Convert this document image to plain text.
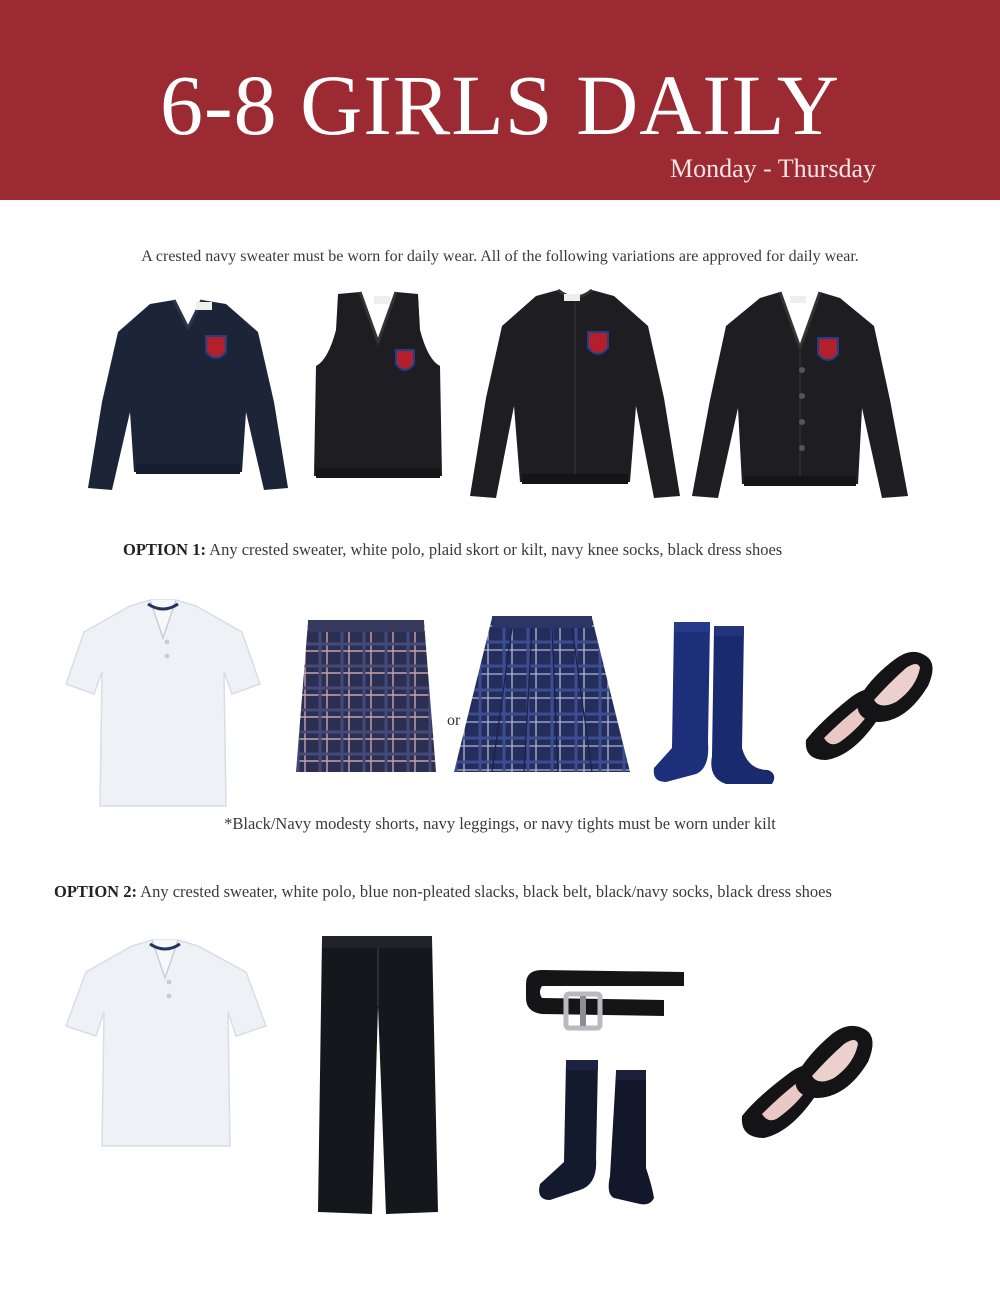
6-8 GIRLS DAILY
Monday - Thursday
A crested navy sweater must be worn for daily wear. All of the following variations are approved for daily wear.
OPTION 1: Any crested sweater, white polo, plaid skort or kilt, navy knee socks, black dress shoes
or
*Black/Navy modesty shorts, navy leggings, or navy tights must be worn under kilt
OPTION 2: Any crested sweater, white polo, blue non-pleated slacks, black belt, black/navy socks, black dress shoes
